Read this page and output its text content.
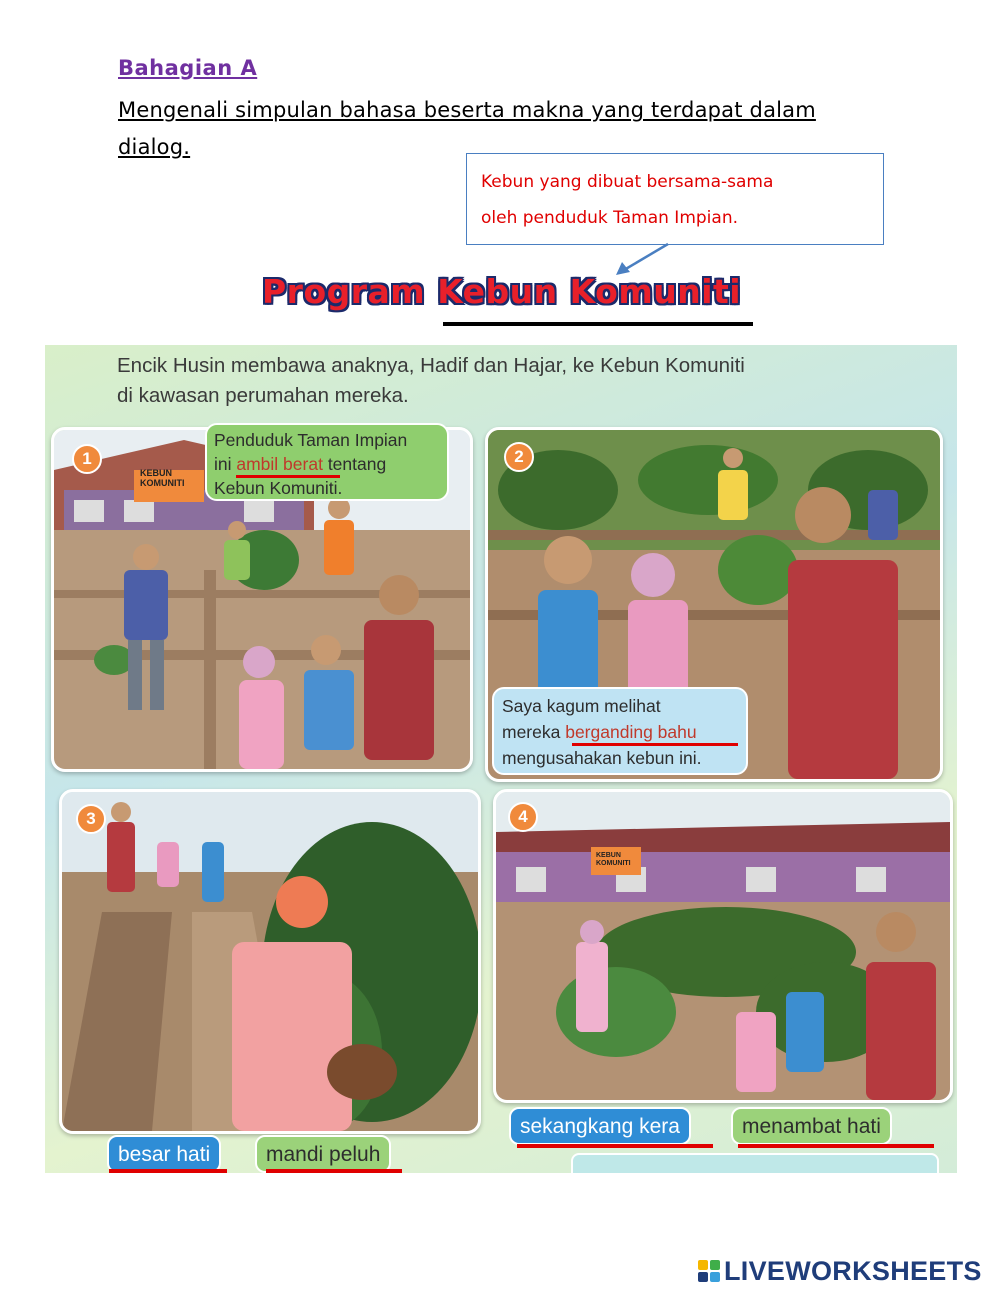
Bahagian A
Mengenali simpulan bahasa beserta makna yang terdapat dalam dialog.
Kebun yang dibuat bersama-sama
oleh penduduk Taman Impian.
Program Kebun Komuniti
Encik Husin membawa anaknya, Hadif dan Hajar, ke Kebun Komuniti
di kawasan perumahan mereka.
1
KEBUN KOMUNITI
Penduduk Taman Impian
ini ambil berat tentang
Kebun Komuniti.
2
Saya kagum melihat
mereka berganding bahu
mengusahakan kebun ini.
3	4
KEBUN KOMUNITI
besar hati	mandi peluh
sekangkang kera	menambat hati
LIVEWORKSHEETS
